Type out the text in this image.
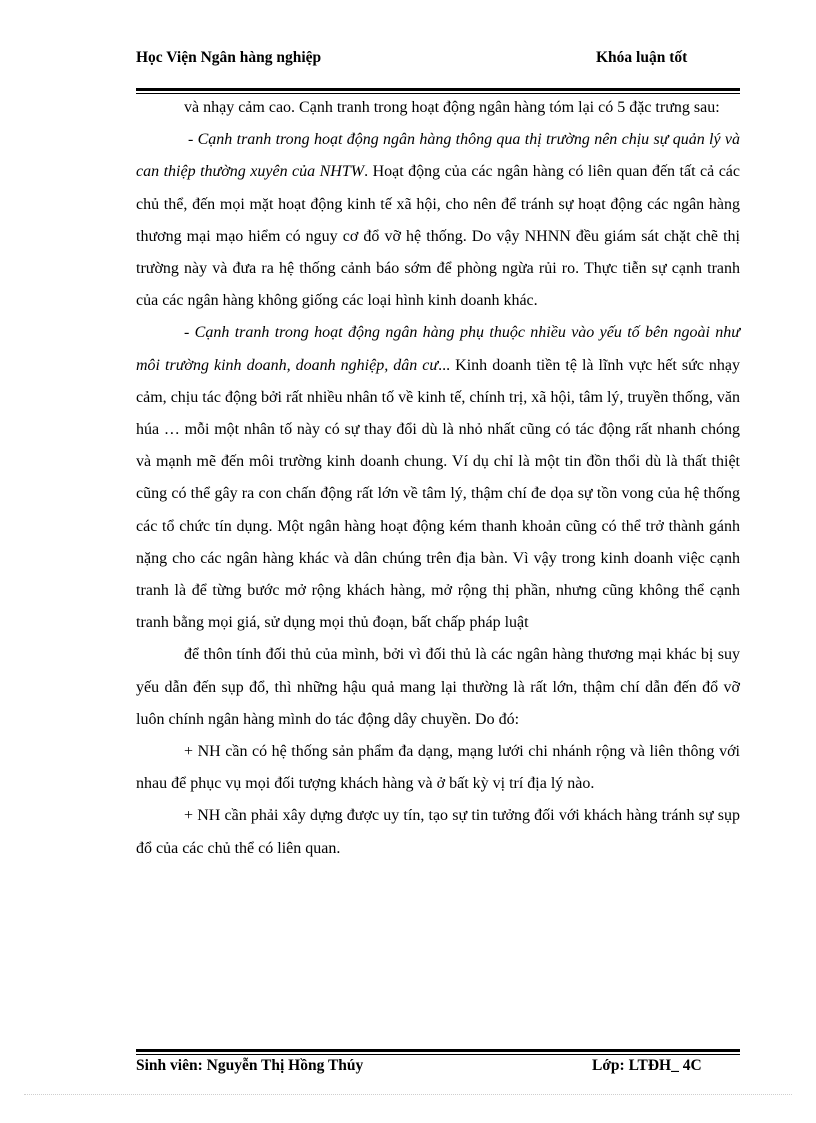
Học Viện Ngân hàng nghiệp	Khóa luận tốt

và nhạy cảm cao. Cạnh tranh trong hoạt động ngân hàng tóm lại có 5 đặc trưng sau:

- Cạnh tranh trong hoạt động ngân hàng thông qua thị trường nên chịu sự quản lý và can thiệp thường xuyên của NHTW. Hoạt động của các ngân hàng có liên quan đến tất cả các chủ thể, đến mọi mặt hoạt động kinh tế xã hội, cho nên để tránh sự hoạt động các ngân hàng thương mại mạo hiểm có nguy cơ đổ vỡ hệ thống. Do vậy NHNN đều giám sát chặt chẽ thị trường này và đưa ra hệ thống cảnh báo sớm để phòng ngừa rủi ro. Thực tiễn sự cạnh tranh của các ngân hàng không giống các loại hình kinh doanh khác.

- Cạnh tranh trong hoạt động ngân hàng phụ thuộc nhiều vào yếu tố bên ngoài như môi trường kinh doanh, doanh nghiệp, dân cư... Kinh doanh tiền tệ là lĩnh vực hết sức nhạy cảm, chịu tác động bởi rất nhiều nhân tố về kinh tế, chính trị, xã hội, tâm lý, truyền thống, văn húa … mỗi một nhân tố này có sự thay đổi dù là nhỏ nhất cũng có tác động rất nhanh chóng và mạnh mẽ đến môi trường kinh doanh chung. Ví dụ chỉ là một tin đồn thổi dù là thất thiệt cũng có thể gây ra con chấn động rất lớn về tâm lý, thậm chí đe dọa sự tồn vong của hệ thống các tổ chức tín dụng. Một ngân hàng hoạt động kém thanh khoản cũng có thể trở thành gánh nặng cho các ngân hàng khác và dân chúng trên địa bàn. Vì vậy trong kinh doanh việc cạnh tranh là để từng bước mở rộng khách hàng, mở rộng thị phần, nhưng cũng không thể cạnh tranh bằng mọi giá, sử dụng mọi thủ đoạn, bất chấp pháp luật

để thôn tính đối thủ của mình, bởi vì đối thủ là các ngân hàng thương mại khác bị suy yếu dẫn đến sụp đổ, thì những hậu quả mang lại thường là rất lớn, thậm chí dẫn đến đổ vỡ luôn chính ngân hàng mình do tác động dây chuyền. Do đó:

+ NH cần có hệ thống sản phẩm đa dạng, mạng lưới chi nhánh rộng và liên thông với nhau để phục vụ mọi đối tượng khách hàng và ở bất kỳ vị trí địa lý nào.

+ NH cần phải xây dựng được uy tín, tạo sự tin tưởng đối với khách hàng tránh sự sụp đổ của các chủ thể có liên quan.

Sinh viên: Nguyễn Thị Hồng Thúy	Lớp: LTĐH_ 4C
